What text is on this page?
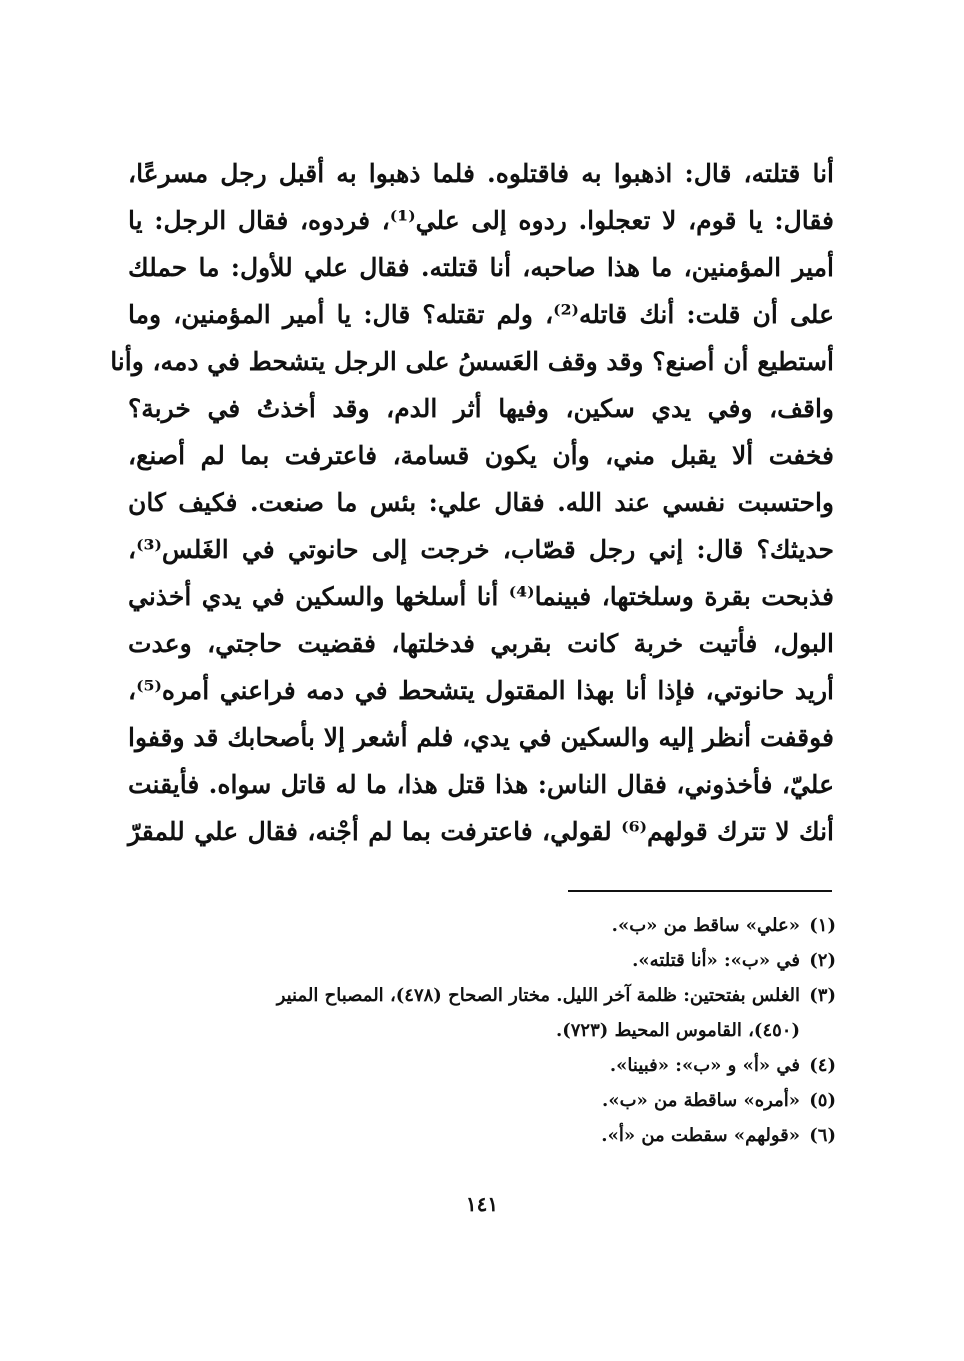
أنا قتلته، قال: اذهبوا به فاقتلوه. فلما ذهبوا به أقبل رجل مسرعًا،
فقال: يا قوم، لا تعجلوا. ردوه إلى علي⁽¹⁾، فردوه، فقال الرجل: يا
أمير المؤمنين، ما هذا صاحبه، أنا قتلته. فقال علي للأول: ما حملك
على أن قلت: أنك قاتله⁽²⁾، ولم تقتله؟ قال: يا أمير المؤمنين، وما
أستطيع أن أصنع؟ وقد وقف العَسسُ على الرجل يتشحط في دمه، وأنا
واقف، وفي يدي سكين، وفيها أثر الدم، وقد أخذتُ في خربة؟
فخفت ألا يقبل مني، وأن يكون قسامة، فاعترفت بما لم أصنع،
واحتسبت نفسي عند الله. فقال علي: بئس ما صنعت. فكيف كان
حديثك؟ قال: إني رجل قصّاب، خرجت إلى حانوتي في الغَلس⁽³⁾،
فذبحت بقرة وسلختها، فبينما⁽⁴⁾ أنا أسلخها والسكين في يدي أخذني
البول، فأتيت خربة كانت بقربي فدخلتها، فقضيت حاجتي، وعدت
أريد حانوتي، فإذا أنا بهذا المقتول يتشحط في دمه فراعني أمره⁽⁵⁾،
فوقفت أنظر إليه والسكين في يدي، فلم أشعر إلا بأصحابك قد وقفوا
عليّ، فأخذوني، فقال الناس: هذا قتل هذا، ما له قاتل سواه. فأيقنت
أنك لا تترك قولهم⁽⁶⁾ لقولي، فاعترفت بما لم أجْنه، فقال علي للمقرّ
(١)
«علي» ساقط من «ب».
(٢)
في «ب»: «أنا قتلته».
(٣)
الغلس بفتحتين: ظلمة آخر الليل. مختار الصحاح (٤٧٨)، المصباح المنير
(٤٥٠)، القاموس المحيط (٧٢٣).
(٤)
في «أ» و «ب»: «فبينا».
(٥)
«أمره» ساقطة من «ب».
(٦)
«قولهم» سقطت من «أ».
١٤١
